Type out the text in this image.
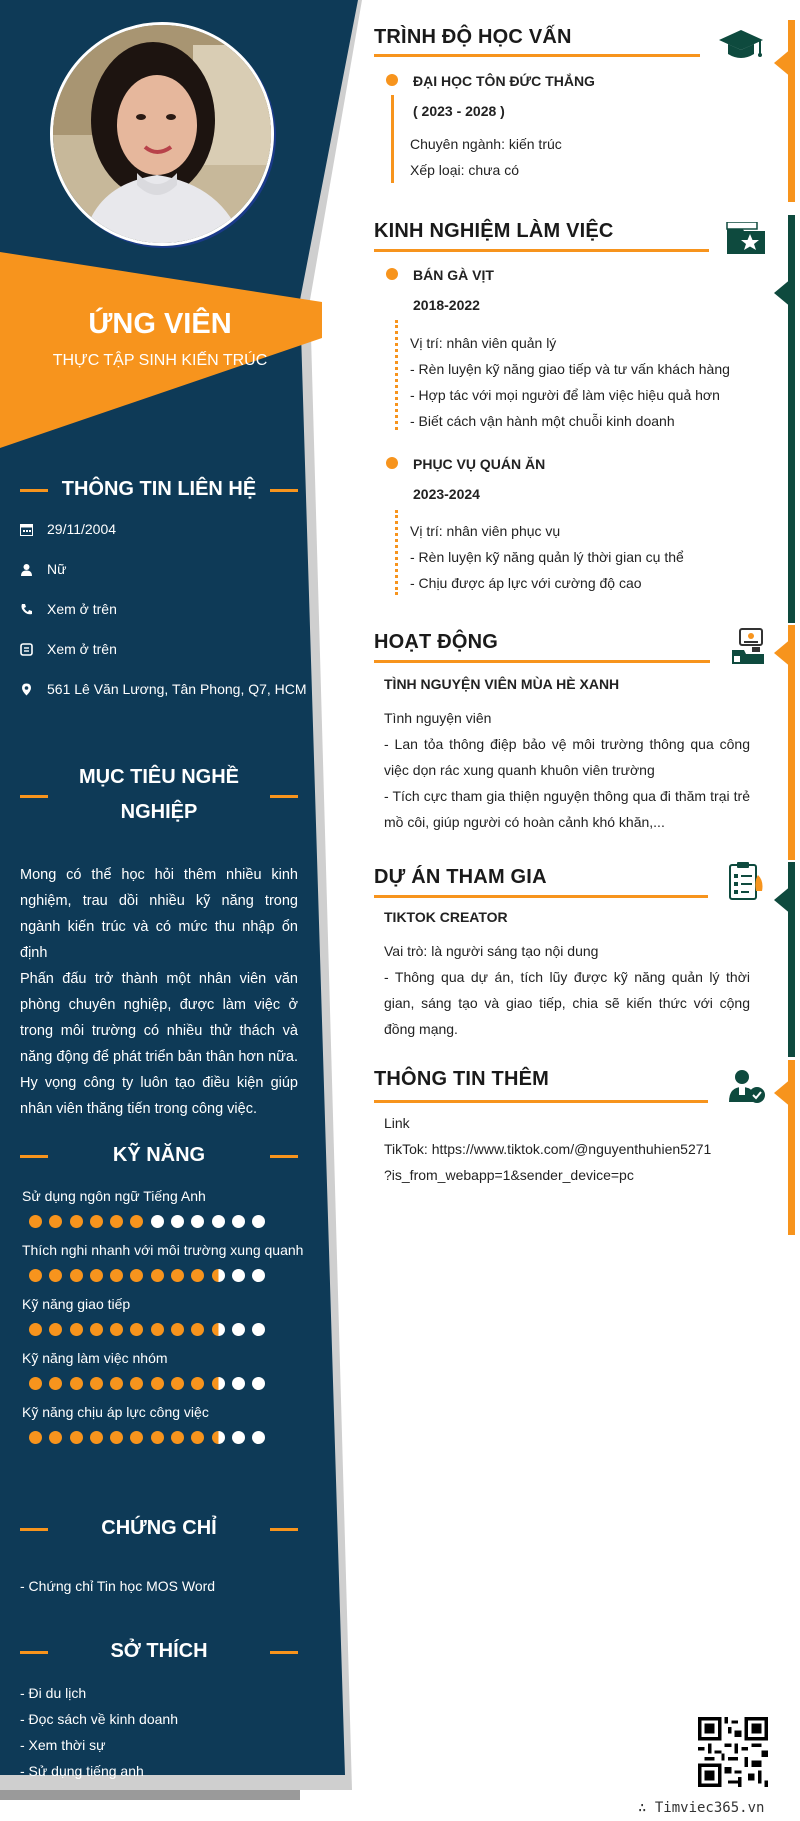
ỨNG VIÊN
THỰC TẬP SINH KIẾN TRÚC
THÔNG TIN LIÊN HỆ
29/11/2004
Nữ
Xem ở trên
Xem ở trên
561 Lê Văn Lương, Tân Phong, Q7, HCM
MỤC TIÊU NGHỀ
NGHIỆP
Mong có thể học hỏi thêm nhiều kinh nghiệm, trau dồi nhiều kỹ năng trong ngành kiến trúc và có mức thu nhập ổn định
Phấn đấu trở thành một nhân viên văn phòng chuyên nghiệp, được làm việc ở trong môi trường có nhiều thử thách và năng động để phát triển bản thân hơn nữa. Hy vọng công ty luôn tạo điều kiện giúp nhân viên thăng tiến trong công việc.
KỸ NĂNG
Sử dụng ngôn ngữ Tiếng Anh
Thích nghi nhanh với môi trường xung quanh
Kỹ năng giao tiếp
Kỹ năng làm việc nhóm
Kỹ năng chịu áp lực công việc
CHỨNG CHỈ
- Chứng chỉ Tin học MOS Word
SỞ THÍCH
- Đi du lịch
- Đọc sách về kinh doanh
- Xem thời sự
- Sử dụng tiếng anh
TRÌNH ĐỘ HỌC VẤN
ĐẠI HỌC TÔN ĐỨC THẮNG
( 2023 - 2028 )
Chuyên ngành: kiến trúc
Xếp loại: chưa có
KINH NGHIỆM LÀM VIỆC
BÁN GÀ VỊT
2018-2022
Vị trí: nhân viên quản lý
- Rèn luyện kỹ năng giao tiếp và tư vấn khách hàng
- Hợp tác với mọi người để làm việc hiệu quả hơn
- Biết cách vận hành một chuỗi kinh doanh
PHỤC VỤ QUÁN ĂN
2023-2024
Vị trí: nhân viên phục vụ
- Rèn luyện kỹ năng quản lý thời gian cụ thể
- Chịu được áp lực với cường độ cao
HOẠT ĐỘNG
TÌNH NGUYỆN VIÊN MÙA HÈ XANH
Tình nguyện viên
- Lan tỏa thông điệp bảo vệ môi trường thông qua công việc dọn rác xung quanh khuôn viên trường
- Tích cực tham gia thiện nguyện thông qua đi thăm trại trẻ mồ côi, giúp người có hoàn cảnh khó khăn,...
DỰ ÁN THAM GIA
TIKTOK CREATOR
Vai trò: là người sáng tạo nội dung
- Thông qua dự án, tích lũy được kỹ năng quản lý thời gian, sáng tạo và giao tiếp, chia sẽ kiến thức với cộng đồng mạng.
THÔNG TIN THÊM
Link
TikTok: https://www.tiktok.com/@nguyenthuhien5271
?is_from_webapp=1&sender_device=pc
∴ Timviec365.vn
